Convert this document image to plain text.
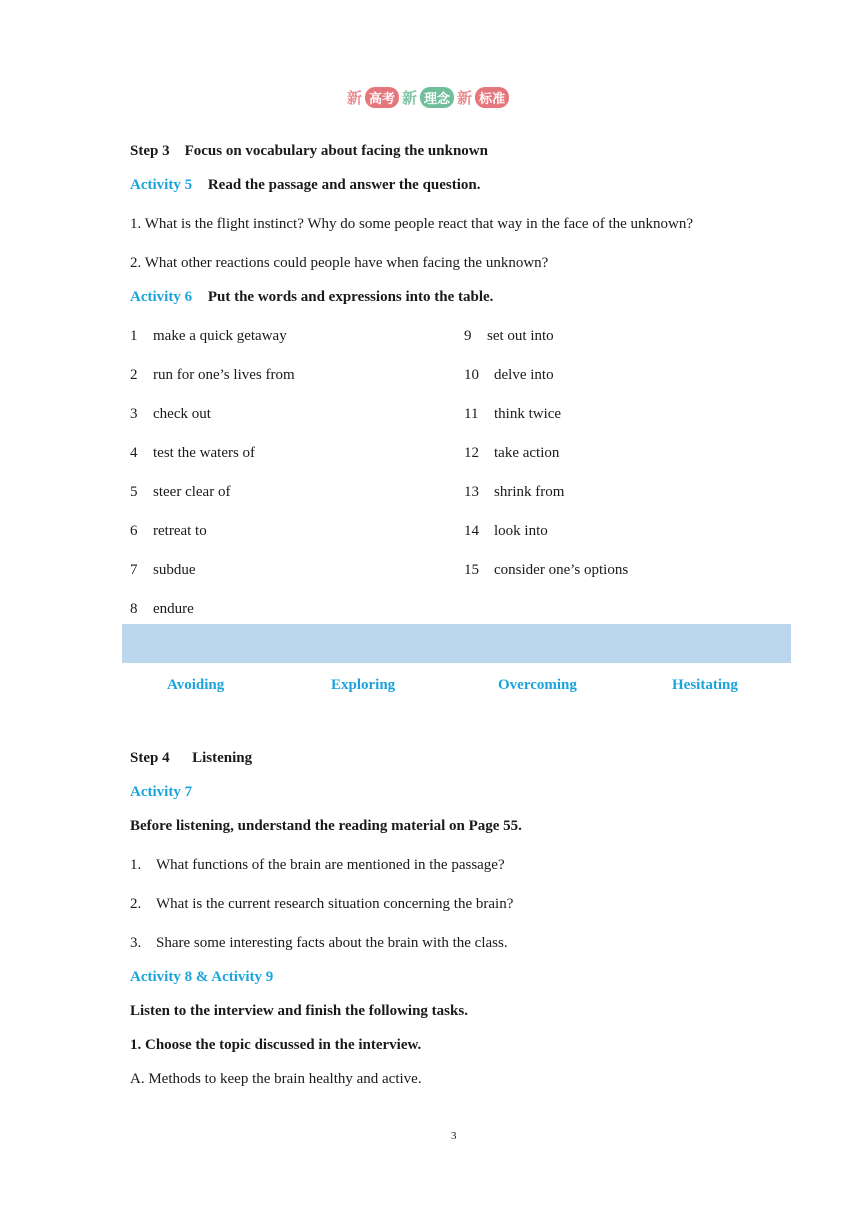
新 高考 新 理念 新 标准
Step 3    Focus on vocabulary about facing the unknown
Activity 5 Read the passage and answer the question.
1. What is the flight instinct? Why do some people react that way in the face of the unknown?
2. What other reactions could people have when facing the unknown?
Activity 6 Put the words and expressions into the table.
1 make a quick getaway
2 run for one’s lives from
3 check out
4 test the waters of
5 steer clear of
6 retreat to
7 subdue
8 endure
9 set out into
10 delve into
11 think twice
12 take action
13 shrink from
14 look into
15 consider one’s options
Avoiding	Exploring	Overcoming	Hesitating
Step 4      Listening
Activity 7
Before listening, understand the reading material on Page 55.
1. What functions of the brain are mentioned in the passage?
2. What is the current research situation concerning the brain?
3. Share some interesting facts about the brain with the class.
Activity 8 & Activity 9
Listen to the interview and finish the following tasks.
1. Choose the topic discussed in the interview.
A. Methods to keep the brain healthy and active.
3
